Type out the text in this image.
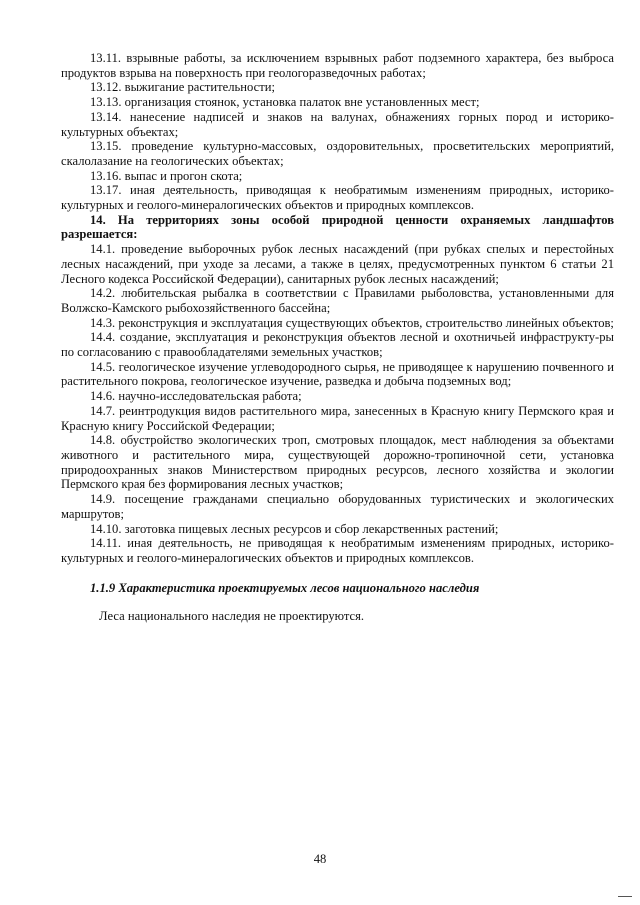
13.11. взрывные работы, за исключением взрывных работ подземного характера, без выброса продуктов взрыва на поверхность при геологоразведочных работах;

13.12. выжигание растительности;

13.13. организация стоянок, установка палаток вне установленных мест;

13.14. нанесение надписей и знаков на валунах, обнажениях горных пород и историко-культурных объектах;

13.15. проведение культурно-массовых, оздоровительных, просветительских мероприятий, скалолазание на геологических объектах;

13.16. выпас и прогон скота;

13.17. иная деятельность, приводящая к необратимым изменениям природных, историко-культурных и геолого-минералогических объектов и природных комплексов.

14. На территориях зоны особой природной ценности охраняемых ландшафтов разрешается:

14.1. проведение выборочных рубок лесных насаждений (при рубках спелых и перестойных лесных насаждений, при уходе за лесами, а также в целях, предусмотренных пунктом 6 статьи 21 Лесного кодекса Российской Федерации), санитарных рубок лесных насаждений;

14.2. любительская рыбалка в соответствии с Правилами рыболовства, установленными для Волжско-Камского рыбохозяйственного бассейна;

14.3. реконструкция и эксплуатация существующих объектов, строительство линейных объектов;

14.4. создание, эксплуатация и реконструкция объектов лесной и охотничьей инфраструкту-ры по согласованию с правообладателями земельных участков;

14.5. геологическое изучение углеводородного сырья, не приводящее к нарушению почвенного и растительного покрова, геологическое изучение, разведка и добыча подземных вод;

14.6. научно-исследовательская работа;

14.7. реинтродукция видов растительного мира, занесенных в Красную книгу Пермского края и Красную книгу Российской Федерации;

14.8. обустройство экологических троп, смотровых площадок, мест наблюдения за объектами животного и растительного мира, существующей дорожно-тропиночной сети, установка природоохранных знаков Министерством природных ресурсов, лесного хозяйства и экологии Пермского края без формирования лесных участков;

14.9. посещение гражданами специально оборудованных туристических и экологических маршрутов;

14.10. заготовка пищевых лесных ресурсов и сбор лекарственных растений;

14.11. иная деятельность, не приводящая к необратимым изменениям природных, историко-культурных и геолого-минералогических объектов и природных комплексов.

1.1.9 Характеристика проектируемых лесов национального наследия

Леса национального наследия не проектируются.

48
